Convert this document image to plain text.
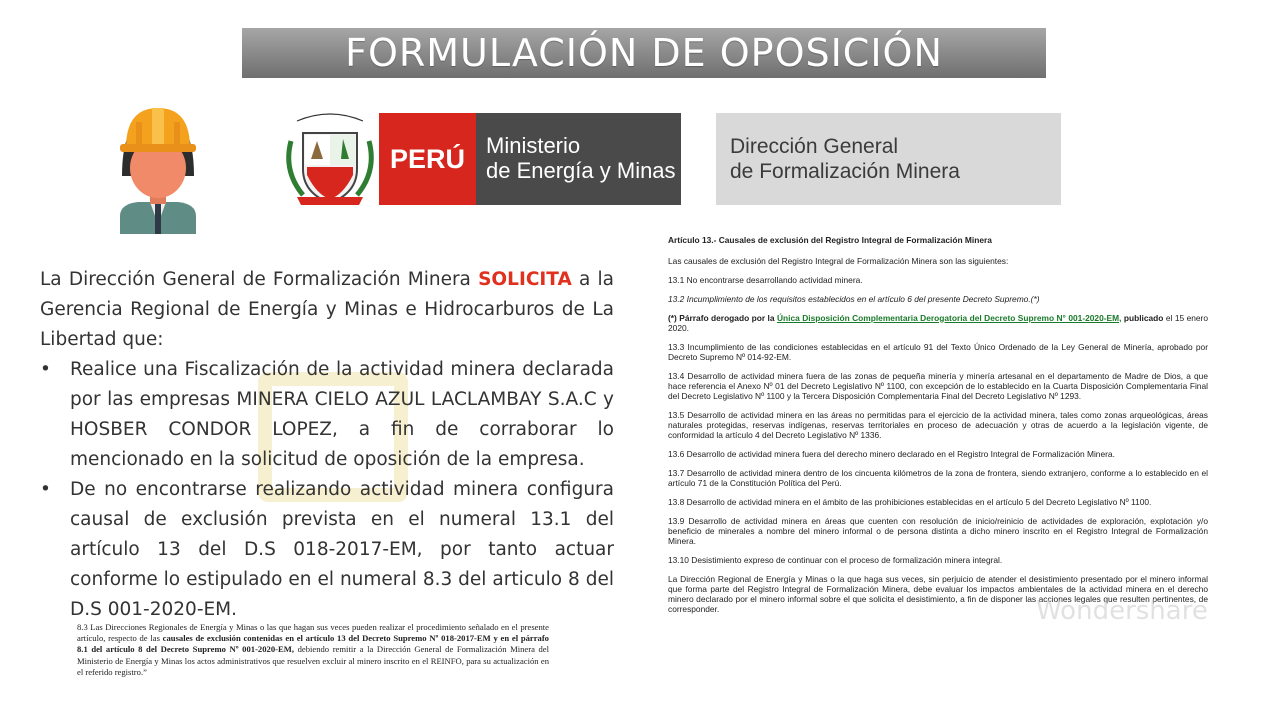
FORMULACIÓN DE OPOSICIÓN
PERÚ Ministerio
de Energía y Minas
Dirección General
de Formalización Minera

La Dirección General de Formalización Minera SOLICITA a la Gerencia Regional de Energía y Minas e Hidrocarburos de La Libertad que:

• Realice una Fiscalización de la actividad minera declarada por las empresas MINERA CIELO AZUL LACLAMBAY S.A.C y HOSBER CONDOR LOPEZ, a fin de corraborar lo mencionado en la solicitud de oposición de la empresa.
• De no encontrarse realizando actividad minera configura causal de exclusión prevista en el numeral 13.1 del artículo 13 del D.S 018-2017-EM, por tanto actuar conforme lo estipulado en el numeral 8.3 del articulo 8 del D.S 001-2020-EM.
8.3 Las Direcciones Regionales de Energía y Minas o las que hagan sus veces pueden realizar el procedimiento señalado en el presente artículo, respecto de las causales de exclusión contenidas en el artículo 13 del Decreto Supremo Nº 018-2017-EM y en el párrafo 8.1 del artículo 8 del Decreto Supremo Nº 001-2020-EM, debiendo remitir a la Dirección General de Formalización Minera del Ministerio de Energía y Minas los actos administrativos que resuelven excluir al minero inscrito en el REINFO, para su actualización en el referido registro.”

Artículo 13.- Causales de exclusión del Registro Integral de Formalización Minera

Las causales de exclusión del Registro Integral de Formalización Minera son las siguientes:

13.1 No encontrarse desarrollando actividad minera.

13.2 Incumplimiento de los requisitos establecidos en el artículo 6 del presente Decreto Supremo.(*)

(*) Párrafo derogado por la Única Disposición Complementaria Derogatoria del Decreto Supremo N° 001-2020-EM, publicado el 15 enero 2020.

13.3 Incumplimiento de las condiciones establecidas en el artículo 91 del Texto Único Ordenado de la Ley General de Minería, aprobado por Decreto Supremo Nº 014-92-EM.

13.4 Desarrollo de actividad minera fuera de las zonas de pequeña minería y minería artesanal en el departamento de Madre de Dios, a que hace referencia el Anexo Nº 01 del Decreto Legislativo Nº 1100, con excepción de lo establecido en la Cuarta Disposición Complementaria Final del Decreto Legislativo Nº 1100 y la Tercera Disposición Complementaria Final del Decreto Legislativo Nº 1293.

13.5 Desarrollo de actividad minera en las áreas no permitidas para el ejercicio de la actividad minera, tales como zonas arqueológicas, áreas naturales protegidas, reservas indígenas, reservas territoriales en proceso de adecuación y otras de acuerdo a la legislación vigente, de conformidad la artículo 4 del Decreto Legislativo Nº 1336.

13.6 Desarrollo de actividad minera fuera del derecho minero declarado en el Registro Integral de Formalización Minera.

13.7 Desarrollo de actividad minera dentro de los cincuenta kilómetros de la zona de frontera, siendo extranjero, conforme a lo establecido en el artículo 71 de la Constitución Política del Perú.

13.8 Desarrollo de actividad minera en el ámbito de las prohibiciones establecidas en el artículo 5 del Decreto Legislativo Nº 1100.

13.9 Desarrollo de actividad minera en áreas que cuenten con resolución de inicio/reinicio de actividades de exploración, explotación y/o beneficio de minerales a nombre del minero informal o de persona distinta a dicho minero inscrito en el Registro Integral de Formalización Minera.

13.10 Desistimiento expreso de continuar con el proceso de formalización minera integral.

La Dirección Regional de Energía y Minas o la que haga sus veces, sin perjuicio de atender el desistimiento presentado por el minero informal que forma parte del Registro Integral de Formalización Minera, debe evaluar los impactos ambientales de la actividad minera en el derecho minero declarado por el minero informal sobre el que solicita el desistimiento, a fin de disponer las acciones legales que resulten pertinentes, de corresponder.	Wondershare
